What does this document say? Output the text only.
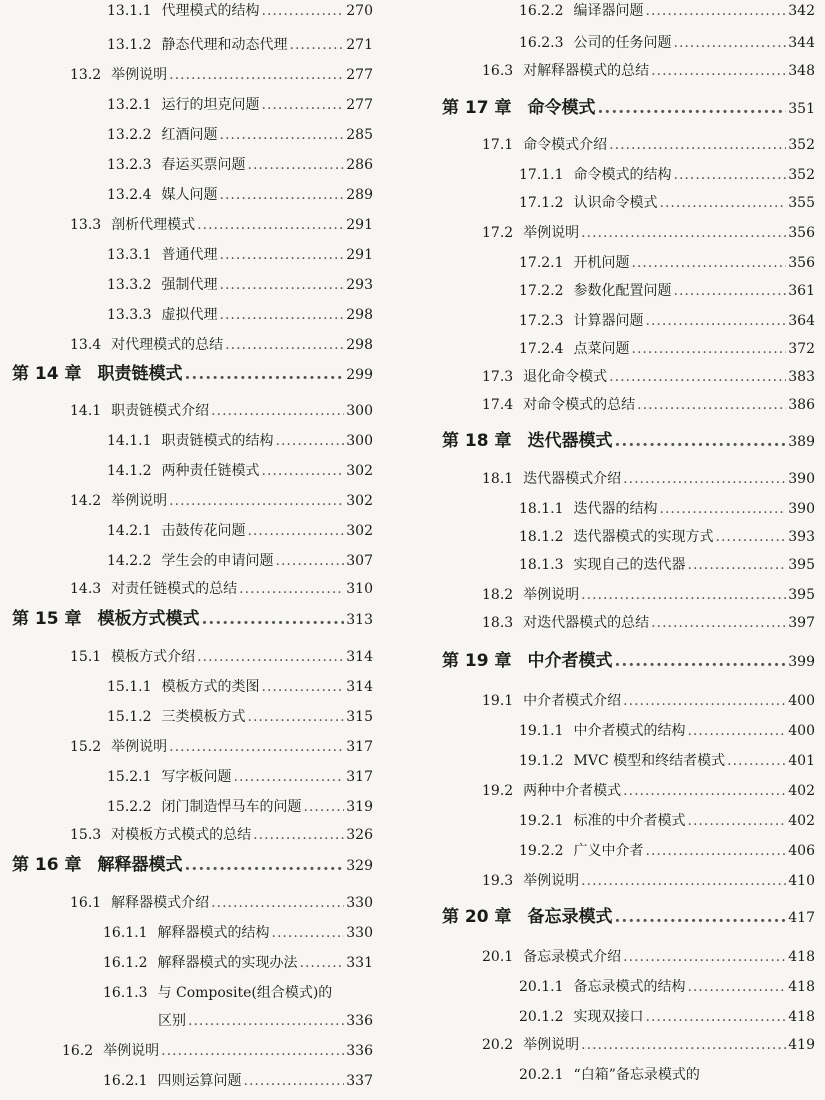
13.1.1 代理模式的结构 .....	270
13.1.2 静态代理和动态代理 .....	271
13.2 举例说明 .....	277
13.2.1 运行的坦克问题 .....	277
13.2.2 红酒问题 .....	285
13.2.3 春运买票问题 .....	286
13.2.4 媒人问题 .....	289
13.3 剖析代理模式 .....	291
13.3.1 普通代理 .....	291
13.3.2 强制代理 .....	293
13.3.3 虚拟代理 .....	298
13.4 对代理模式的总结 .....	298
第 14 章 职责链模式 .....	299
14.1 职责链模式介绍 .....	300
14.1.1 职责链模式的结构 .....	300
14.1.2 两种责任链模式 .....	302
14.2 举例说明 .....	302
14.2.1 击鼓传花问题 .....	302
14.2.2 学生会的申请问题 .....	307
14.3 对责任链模式的总结 .....	310
第 15 章 模板方式模式 .....	313
15.1 模板方式介绍 .....	314
15.1.1 模板方式的类图 .....	314
15.1.2 三类模板方式 .....	315
15.2 举例说明 .....	317
15.2.1 写字板问题 .....	317
15.2.2 闭门制造悍马车的问题 .....	319
15.3 对模板方式模式的总结 .....	326
第 16 章 解释器模式 .....	329
16.1 解释器模式介绍 .....	330
16.1.1 解释器模式的结构 .....	330
16.1.2 解释器模式的实现办法 .....	331
16.1.3 与 Composite(组合模式)的
区别 .....	336
16.2 举例说明 .....	336
16.2.1 四则运算问题 .....	337
16.2.2 编译器问题 .....	342
16.2.3 公司的任务问题 .....	344
16.3 对解释器模式的总结 .....	348
第 17 章 命令模式 .....	351
17.1 命令模式介绍 .....	352
17.1.1 命令模式的结构 .....	352
17.1.2 认识命令模式 .....	355
17.2 举例说明 .....	356
17.2.1 开机问题 .....	356
17.2.2 参数化配置问题 .....	361
17.2.3 计算器问题 .....	364
17.2.4 点菜问题 .....	372
17.3 退化命令模式 .....	383
17.4 对命令模式的总结 .....	386
第 18 章 迭代器模式 .....	389
18.1 迭代器模式介绍 .....	390
18.1.1 迭代器的结构 .....	390
18.1.2 迭代器模式的实现方式 .....	393
18.1.3 实现自己的迭代器 .....	395
18.2 举例说明 .....	395
18.3 对迭代器模式的总结 .....	397
第 19 章 中介者模式 .....	399
19.1 中介者模式介绍 .....	400
19.1.1 中介者模式的结构 .....	400
19.1.2 MVC 模型和终结者模式 .....	401
19.2 两种中介者模式 .....	402
19.2.1 标准的中介者模式 .....	402
19.2.2 广义中介者 .....	406
19.3 举例说明 .....	410
第 20 章 备忘录模式 .....	417
20.1 备忘录模式介绍 .....	418
20.1.1 备忘录模式的结构 .....	418
20.1.2 实现双接口 .....	418
20.2 举例说明 .....	419
20.2.1 “白箱”备忘录模式的
